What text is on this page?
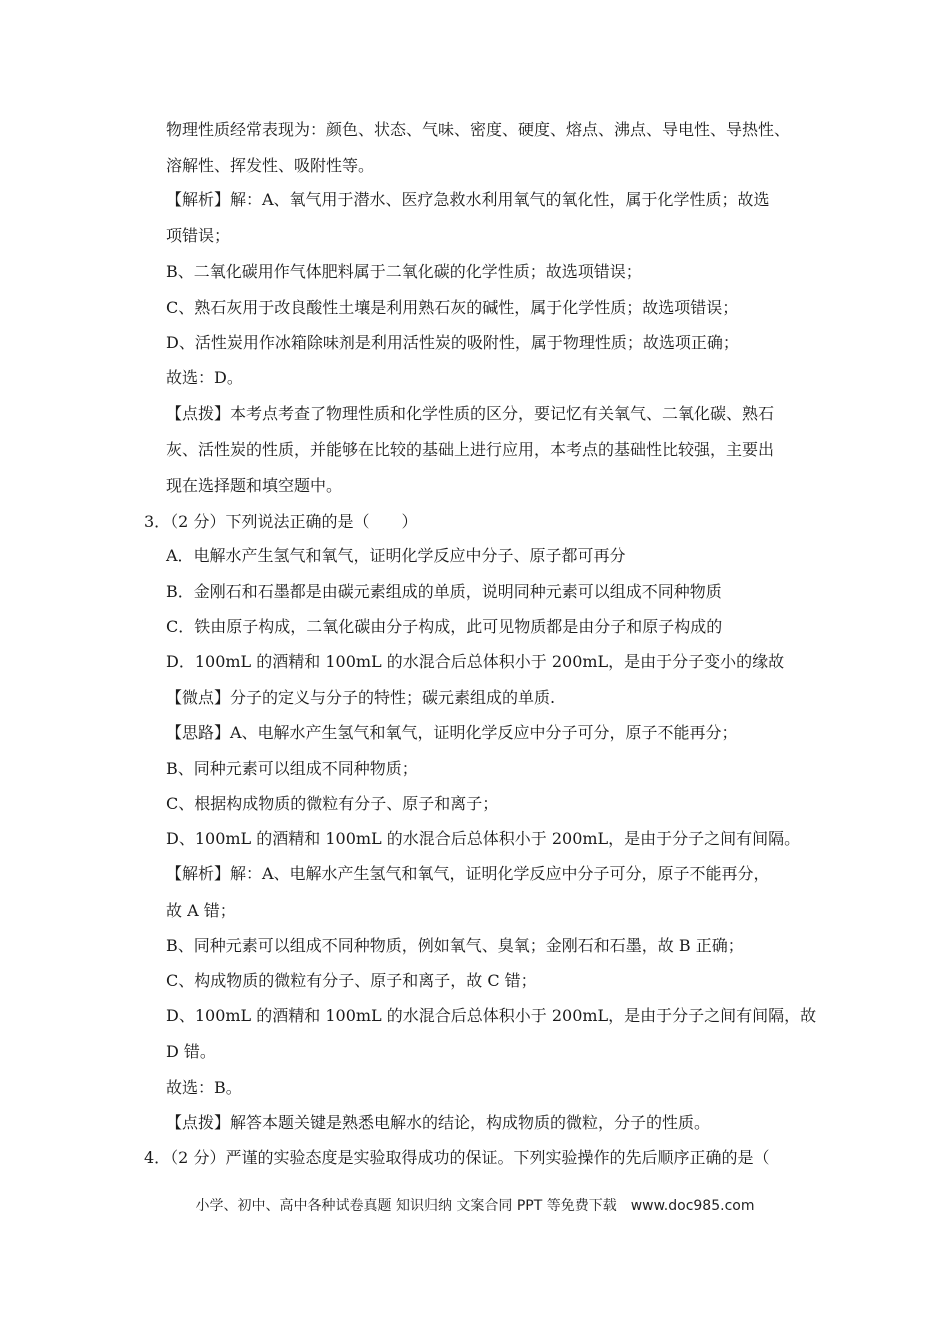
物理性质经常表现为：颜色、状态、气味、密度、硬度、熔点、沸点、导电性、导热性、
溶解性、挥发性、吸附性等。
【解析】解：A、氧气用于潜水、医疗急救水利用氧气的氧化性，属于化学性质；故选
项错误；
B、二氧化碳用作气体肥料属于二氧化碳的化学性质；故选项错误；
C、熟石灰用于改良酸性土壤是利用熟石灰的碱性，属于化学性质；故选项错误；
D、活性炭用作冰箱除味剂是利用活性炭的吸附性，属于物理性质；故选项正确；
故选：D。
【点拨】本考点考查了物理性质和化学性质的区分，要记忆有关氧气、二氧化碳、熟石
灰、活性炭的性质，并能够在比较的基础上进行应用，本考点的基础性比较强，主要出
现在选择题和填空题中。
3．（2 分）下列说法正确的是（　　）
A．电解水产生氢气和氧气，证明化学反应中分子、原子都可再分
B．金刚石和石墨都是由碳元素组成的单质，说明同种元素可以组成不同种物质
C．铁由原子构成，二氧化碳由分子构成，此可见物质都是由分子和原子构成的
D．100mL 的酒精和 100mL 的水混合后总体积小于 200mL，是由于分子变小的缘故
【微点】分子的定义与分子的特性；碳元素组成的单质.
【思路】A、电解水产生氢气和氧气，证明化学反应中分子可分，原子不能再分；
B、同种元素可以组成不同种物质；
C、根据构成物质的微粒有分子、原子和离子；
D、100mL 的酒精和 100mL 的水混合后总体积小于 200mL，是由于分子之间有间隔。
【解析】解：A、电解水产生氢气和氧气，证明化学反应中分子可分，原子不能再分，
故 A 错；
B、同种元素可以组成不同种物质，例如氧气、臭氧；金刚石和石墨，故 B 正确；
C、构成物质的微粒有分子、原子和离子，故 C 错；
D、100mL 的酒精和 100mL 的水混合后总体积小于 200mL，是由于分子之间有间隔，故
D 错。
故选：B。
【点拨】解答本题关键是熟悉电解水的结论，构成物质的微粒，分子的性质。
4．（2 分）严谨的实验态度是实验取得成功的保证。下列实验操作的先后顺序正确的是（
小学、初中、高中各种试卷真题 知识归纳 文案合同 PPT 等免费下载　www.doc985.com
